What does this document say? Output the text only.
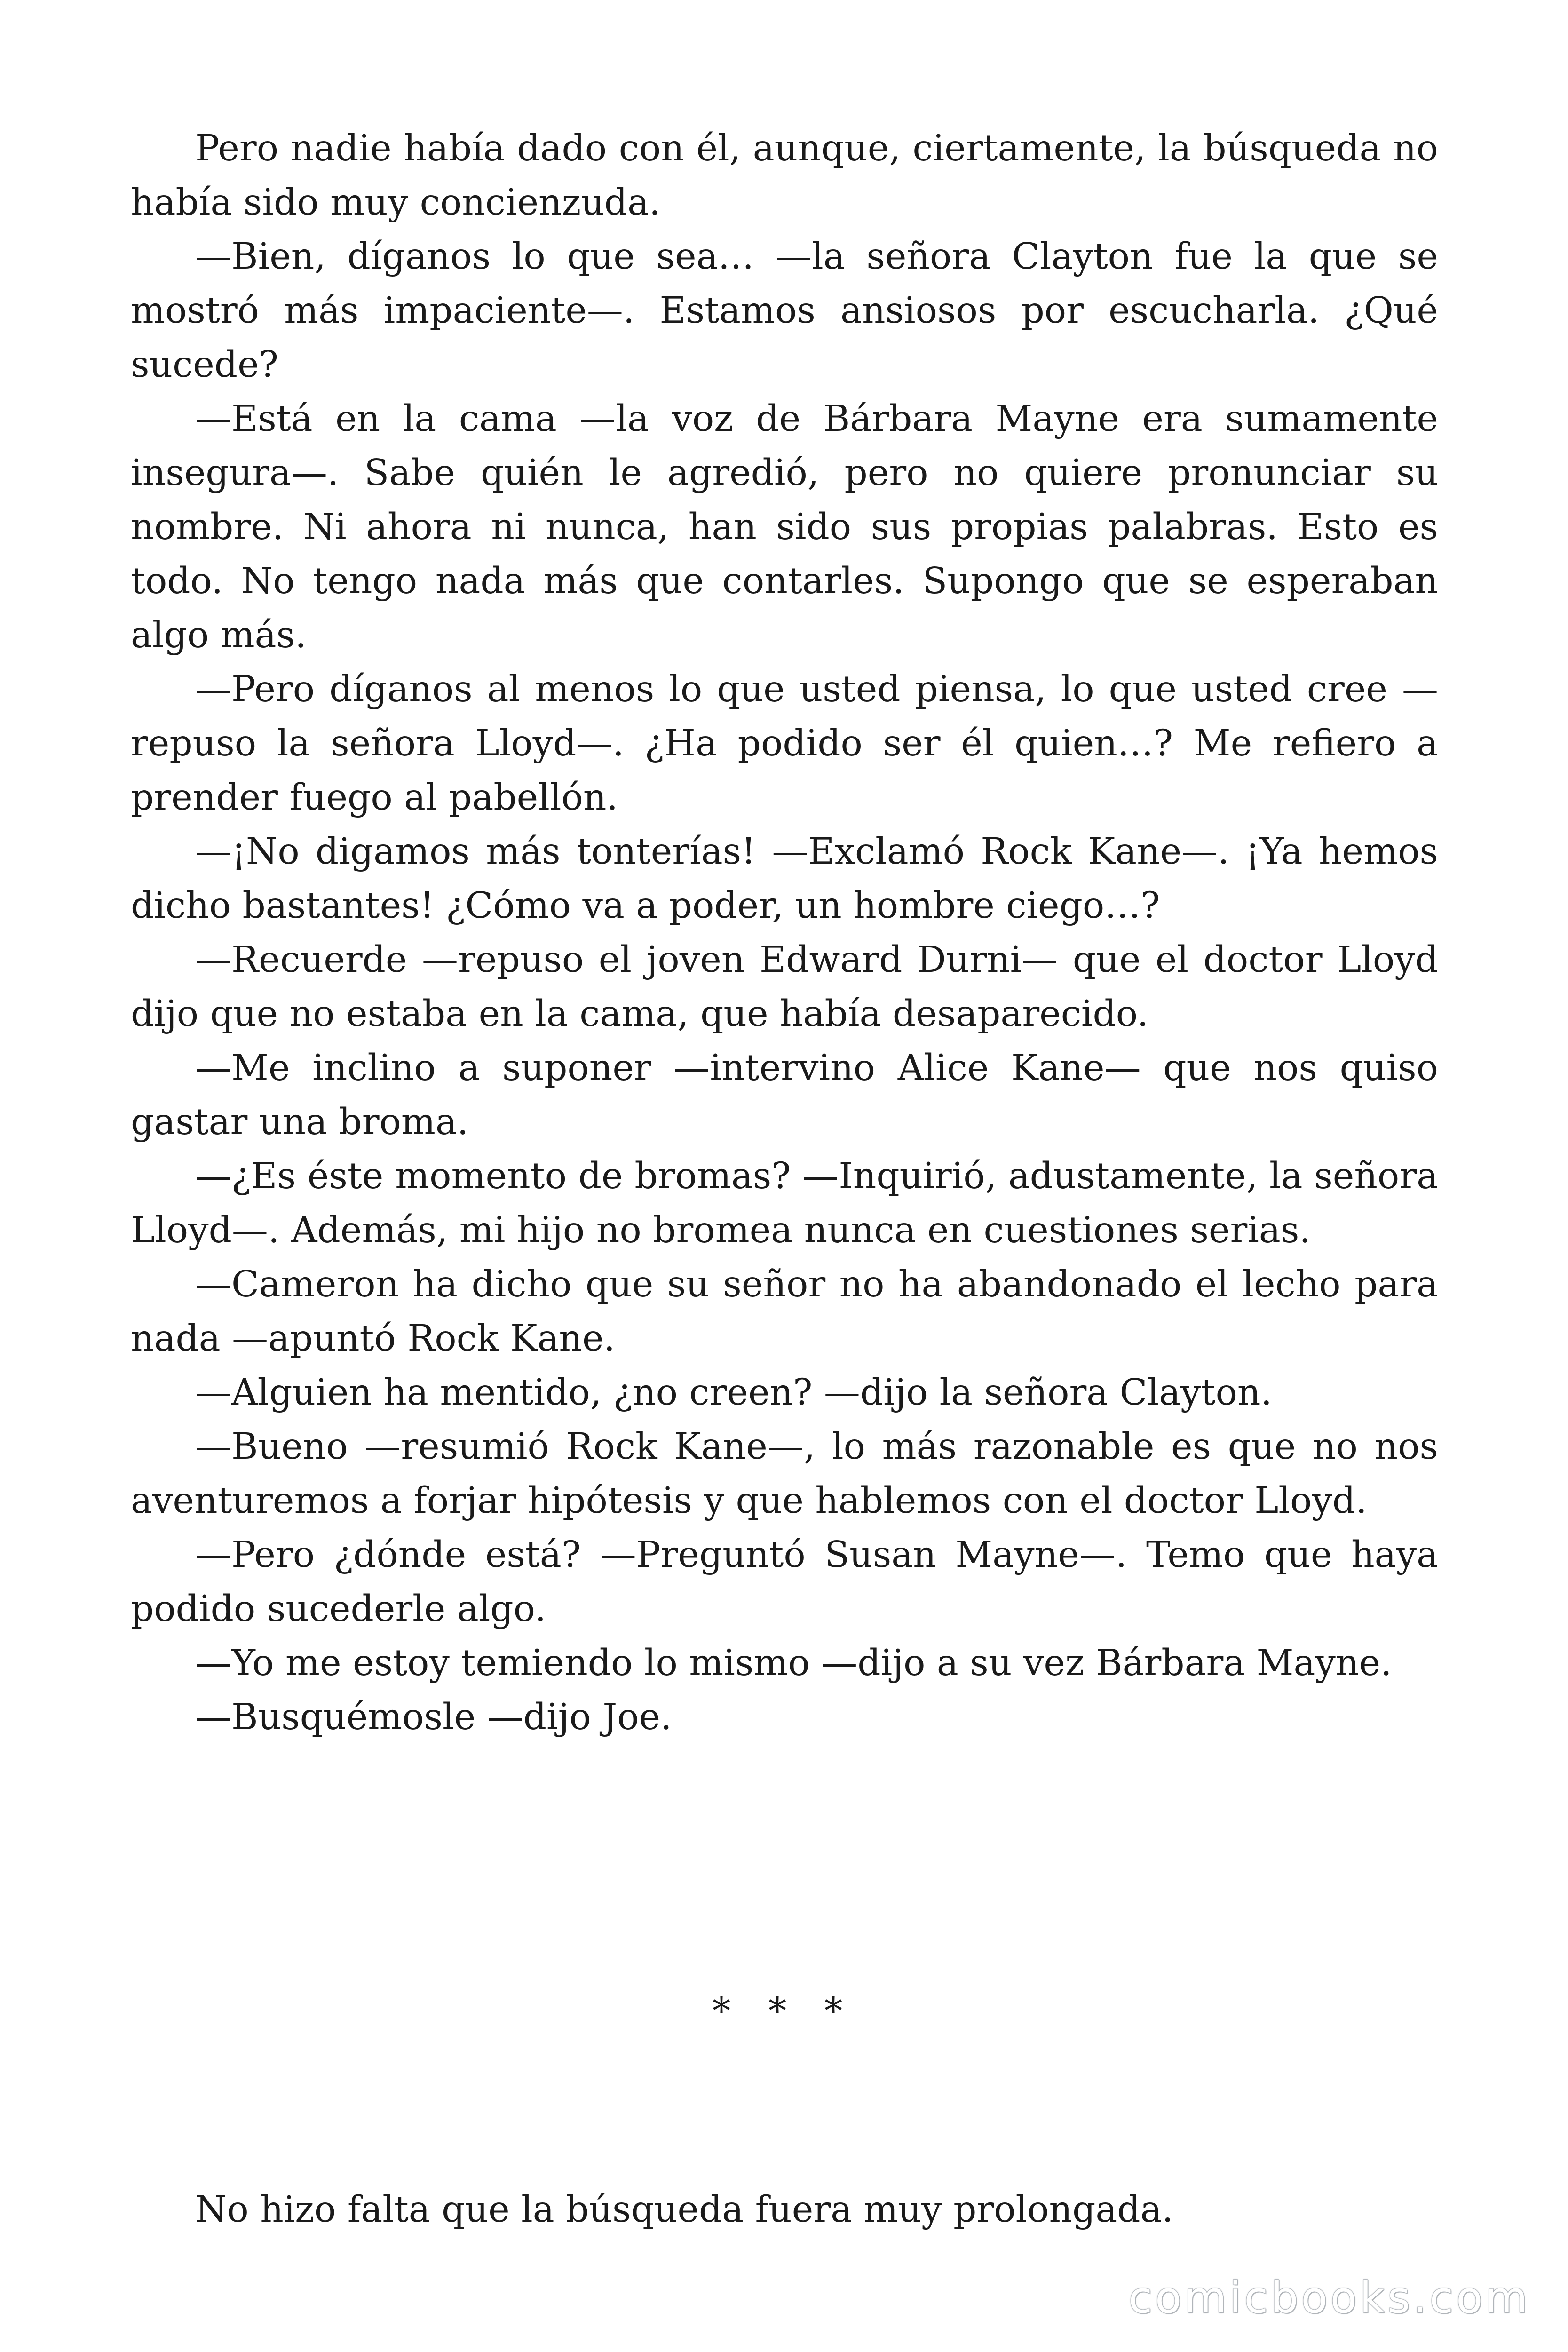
Pero nadie había dado con él, aunque, ciertamente, la búsqueda no había sido muy concienzuda.

—Bien, díganos lo que sea… —la señora Clayton fue la que se mostró más impaciente—. Estamos ansiosos por escucharla. ¿Qué sucede?

—Está en la cama —la voz de Bárbara Mayne era sumamente insegura—. Sabe quién le agredió, pero no quiere pronunciar su nombre. Ni ahora ni nunca, han sido sus propias palabras. Esto es todo. No tengo nada más que contarles. Supongo que se esperaban algo más.

—Pero díganos al menos lo que usted piensa, lo que usted cree —repuso la señora Lloyd—. ¿Ha podido ser él quien…? Me refiero a prender fuego al pabellón.

—¡No digamos más tonterías! —Exclamó Rock Kane—. ¡Ya hemos dicho bastantes! ¿Cómo va a poder, un hombre ciego…?

—Recuerde —repuso el joven Edward Durni— que el doctor Lloyd dijo que no estaba en la cama, que había desaparecido.

—Me inclino a suponer —intervino Alice Kane— que nos quiso gastar una broma.

—¿Es éste momento de bromas? —Inquirió, adustamente, la señora Lloyd—. Además, mi hijo no bromea nunca en cuestiones serias.

—Cameron ha dicho que su señor no ha abandonado el lecho para nada —apuntó Rock Kane.

—Alguien ha mentido, ¿no creen? —dijo la señora Clayton.

—Bueno —resumió Rock Kane—, lo más razonable es que no nos aventuremos a forjar hipótesis y que hablemos con el doctor Lloyd.

—Pero ¿dónde está? —Preguntó Susan Mayne—. Temo que haya podido sucederle algo.

—Yo me estoy temiendo lo mismo —dijo a su vez Bárbara Mayne.

—Busquémosle —dijo Joe.

* * *

No hizo falta que la búsqueda fuera muy prolongada.

comicbooks.com
